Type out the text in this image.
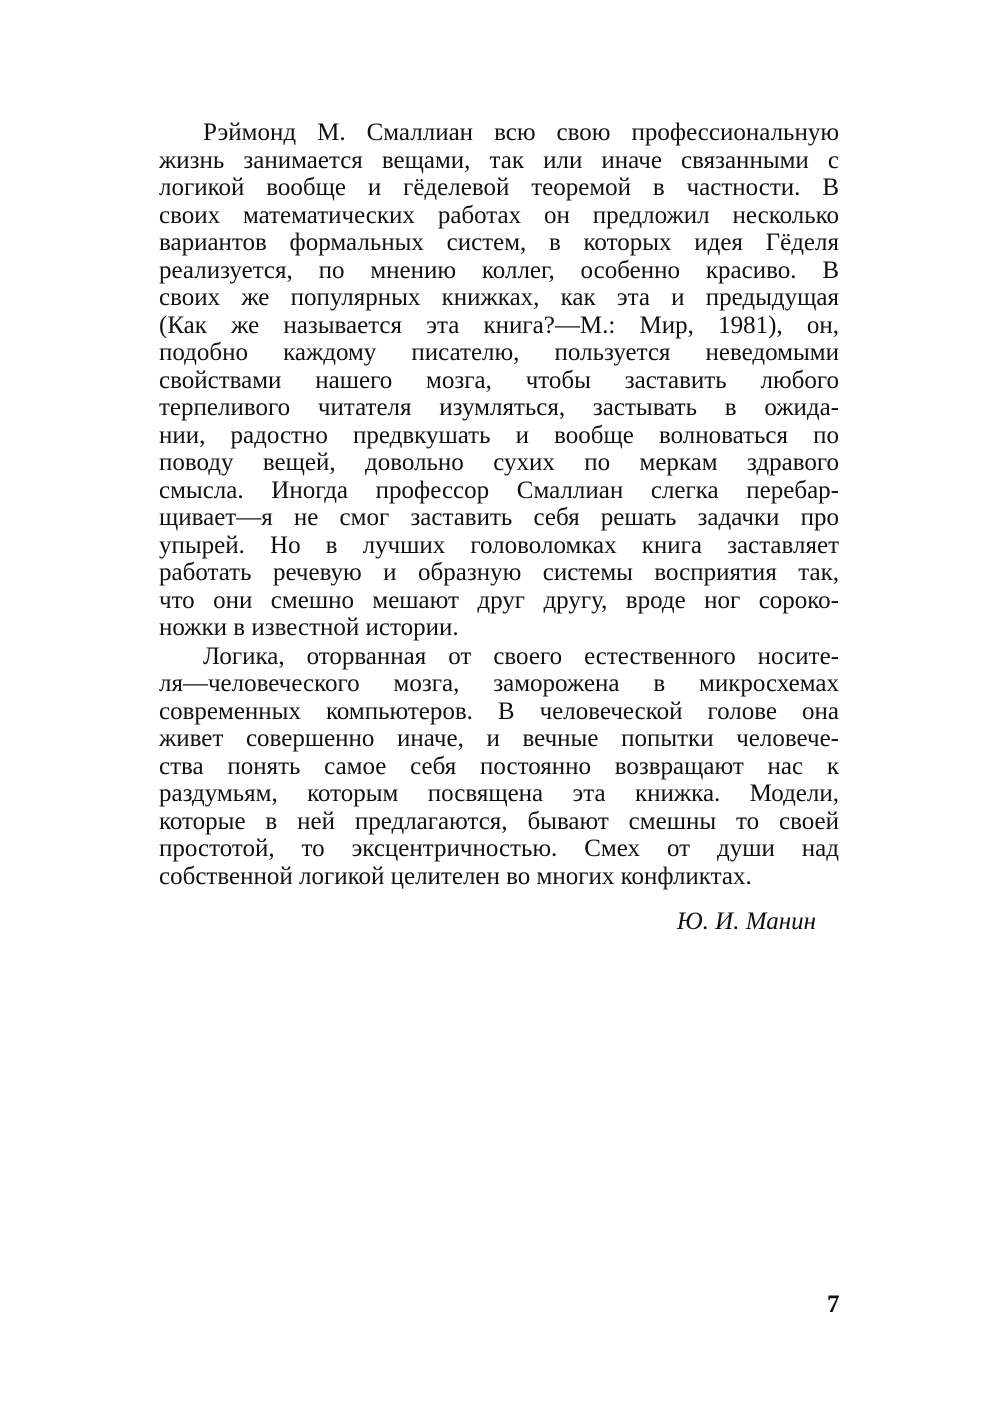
Рэймонд М. Смаллиан всю свою профессиональную
жизнь занимается вещами, так или иначе связанными с
логикой вообще и гёделевой теоремой в частности. В
своих математических работах он предложил несколько
вариантов формальных систем, в которых идея Гёделя
реализуется, по мнению коллег, особенно красиво. В
своих же популярных книжках, как эта и предыдущая
(Как же называется эта книга?—М.: Мир, 1981), он,
подобно каждому писателю, пользуется неведомыми
свойствами нашего мозга, чтобы заставить любого
терпеливого читателя изумляться, застывать в ожида-
нии, радостно предвкушать и вообще волноваться по
поводу вещей, довольно сухих по меркам здравого
смысла. Иногда профессор Смаллиан слегка перебар-
щивает—я не смог заставить себя решать задачки про
упырей. Но в лучших головоломках книга заставляет
работать речевую и образную системы восприятия так,
что они смешно мешают друг другу, вроде ног сороко-
ножки в известной истории.
Логика, оторванная от своего естественного носите-
ля—человеческого мозга, заморожена в микросхемах
современных компьютеров. В человеческой голове она
живет совершенно иначе, и вечные попытки человече-
ства понять самое себя постоянно возвращают нас к
раздумьям, которым посвящена эта книжка. Модели,
которые в ней предлагаются, бывают смешны то своей
простотой, то эксцентричностью. Смех от души над
собственной логикой целителен во многих конфликтах.
Ю. И. Манин
7
